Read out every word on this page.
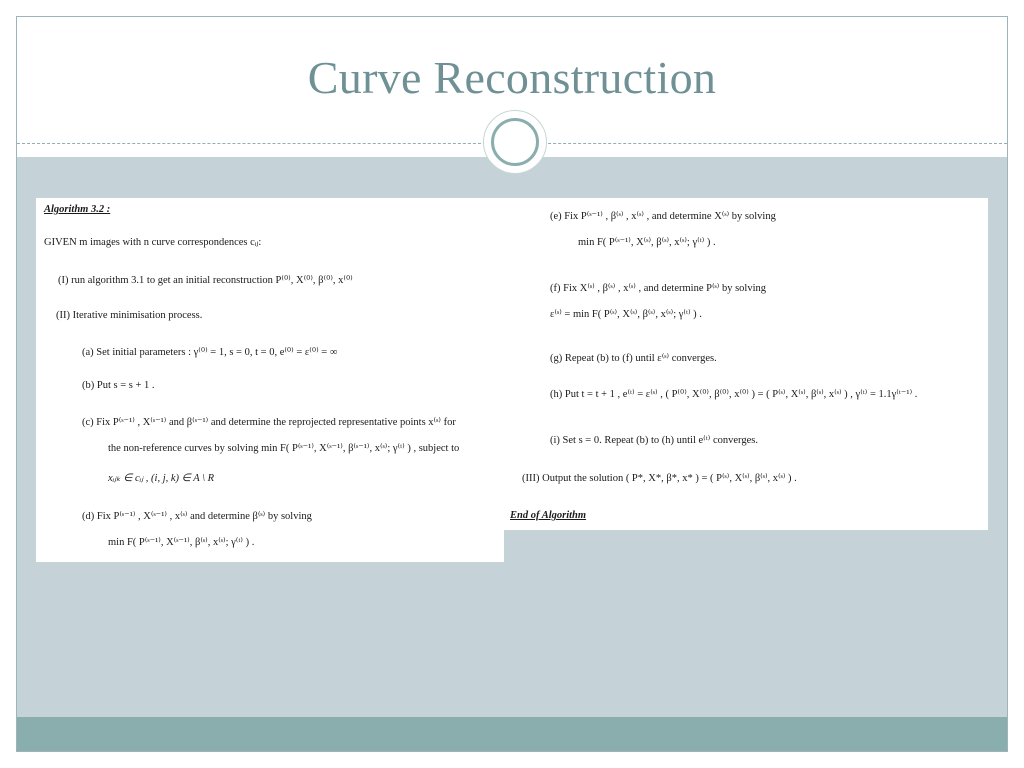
Curve Reconstruction
Algorithm 3.2 :
GIVEN m images with n curve correspondences cᵢⱼ:
(I) run algorithm 3.1 to get an initial reconstruction P⁽⁰⁾, X⁽⁰⁾, β⁽⁰⁾, x⁽⁰⁾
(II) Iterative minimisation process.
(a) Set initial parameters : γ⁽⁰⁾ = 1, s = 0, t = 0, e⁽⁰⁾ = ε⁽⁰⁾ = ∞
(b) Put s = s + 1 .
(c) Fix P⁽ˢ⁻¹⁾ , X⁽ˢ⁻¹⁾ and β⁽ˢ⁻¹⁾ and determine the reprojected representative points x⁽ˢ⁾ for
the non-reference curves by solving min F( P⁽ˢ⁻¹⁾, X⁽ˢ⁻¹⁾, β⁽ˢ⁻¹⁾, x⁽ˢ⁾; γ⁽ᵗ⁾ ) , subject to
xᵢⱼₖ ∈ cᵢⱼ , (i, j, k) ∈ A \ R
(d) Fix P⁽ˢ⁻¹⁾ , X⁽ˢ⁻¹⁾ , x⁽ˢ⁾ and determine β⁽ˢ⁾ by solving
min F( P⁽ˢ⁻¹⁾, X⁽ˢ⁻¹⁾, β⁽ˢ⁾, x⁽ˢ⁾; γ⁽ᵗ⁾ ) .
(e) Fix P⁽ˢ⁻¹⁾ , β⁽ˢ⁾ , x⁽ˢ⁾ , and determine X⁽ˢ⁾ by solving
min F( P⁽ˢ⁻¹⁾, X⁽ˢ⁾, β⁽ˢ⁾, x⁽ˢ⁾; γ⁽ᵗ⁾ ) .
(f) Fix X⁽ˢ⁾ , β⁽ˢ⁾ , x⁽ˢ⁾ , and determine P⁽ˢ⁾ by solving
ε⁽ˢ⁾ = min F( P⁽ˢ⁾, X⁽ˢ⁾, β⁽ˢ⁾, x⁽ˢ⁾; γ⁽ᵗ⁾ ) .
(g) Repeat (b) to (f) until ε⁽ˢ⁾ converges.
(h) Put t = t + 1 , e⁽ᵗ⁾ = ε⁽ˢ⁾ , ( P⁽⁰⁾, X⁽⁰⁾, β⁽⁰⁾, x⁽⁰⁾ ) = ( P⁽ˢ⁾, X⁽ˢ⁾, β⁽ˢ⁾, x⁽ˢ⁾ ) , γ⁽ᵗ⁾ = 1.1γ⁽ᵗ⁻¹⁾ .
(i) Set s = 0. Repeat (b) to (h) until e⁽ᵗ⁾ converges.
(III) Output the solution ( P*, X*, β*, x* ) = ( P⁽ˢ⁾, X⁽ˢ⁾, β⁽ˢ⁾, x⁽ˢ⁾ ) .
End of Algorithm
